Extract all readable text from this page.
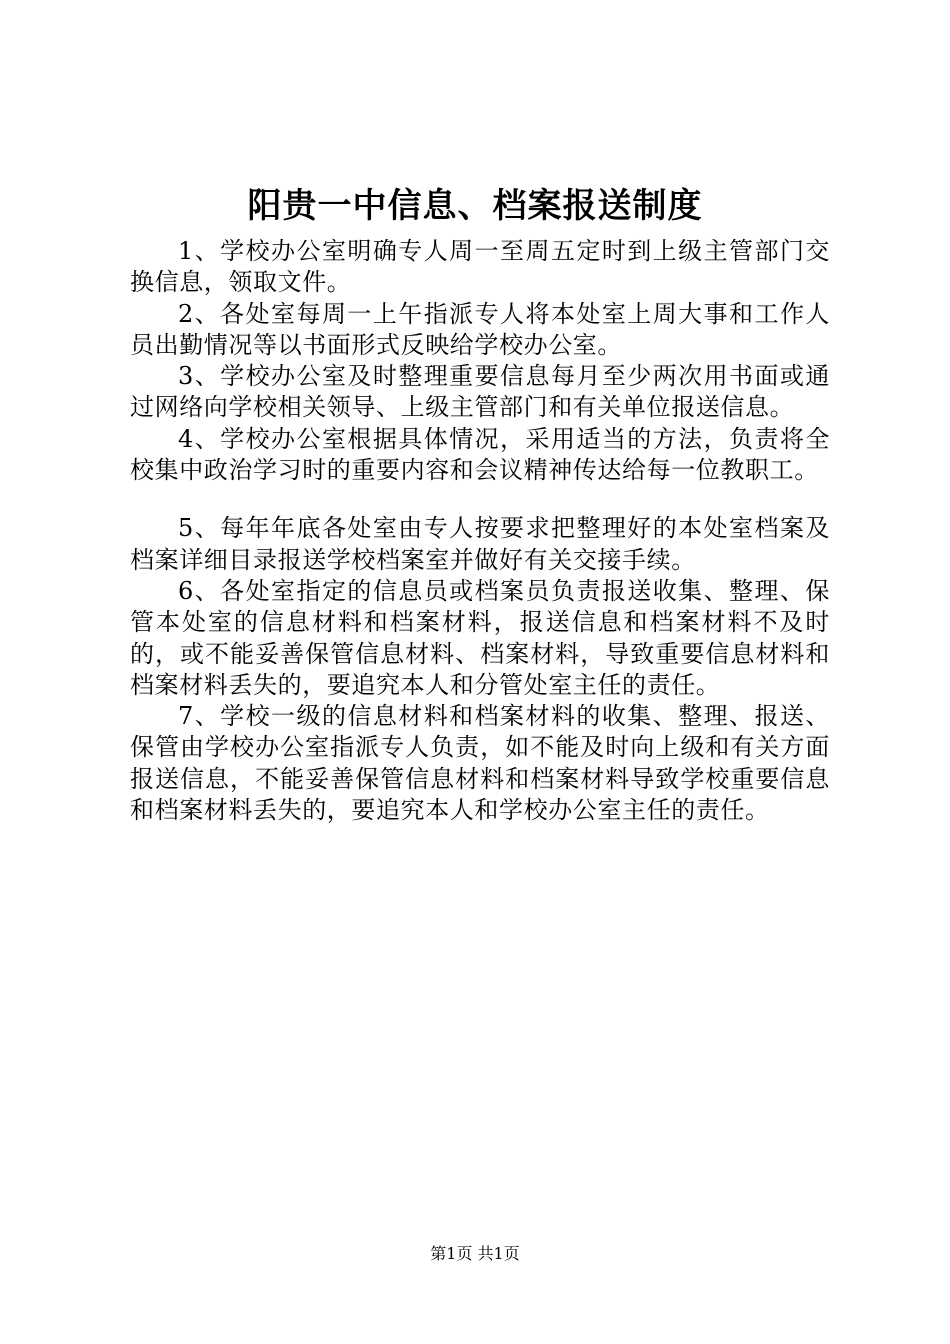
阳贵一中信息、档案报送制度

1、学校办公室明确专人周一至周五定时到上级主管部门交换信息，领取文件。

2、各处室每周一上午指派专人将本处室上周大事和工作人员出勤情况等以书面形式反映给学校办公室。

3、学校办公室及时整理重要信息每月至少两次用书面或通过网络向学校相关领导、上级主管部门和有关单位报送信息。

4、学校办公室根据具体情况，采用适当的方法，负责将全校集中政治学习时的重要内容和会议精神传达给每一位教职工。

5、每年年底各处室由专人按要求把整理好的本处室档案及档案详细目录报送学校档案室并做好有关交接手续。

6、各处室指定的信息员或档案员负责报送收集、整理、保管本处室的信息材料和档案材料，报送信息和档案材料不及时的，或不能妥善保管信息材料、档案材料，导致重要信息材料和档案材料丢失的，要追究本人和分管处室主任的责任。

7、学校一级的信息材料和档案材料的收集、整理、报送、保管由学校办公室指派专人负责，如不能及时向上级和有关方面报送信息，不能妥善保管信息材料和档案材料导致学校重要信息和档案材料丢失的，要追究本人和学校办公室主任的责任。

第1页 共1页
